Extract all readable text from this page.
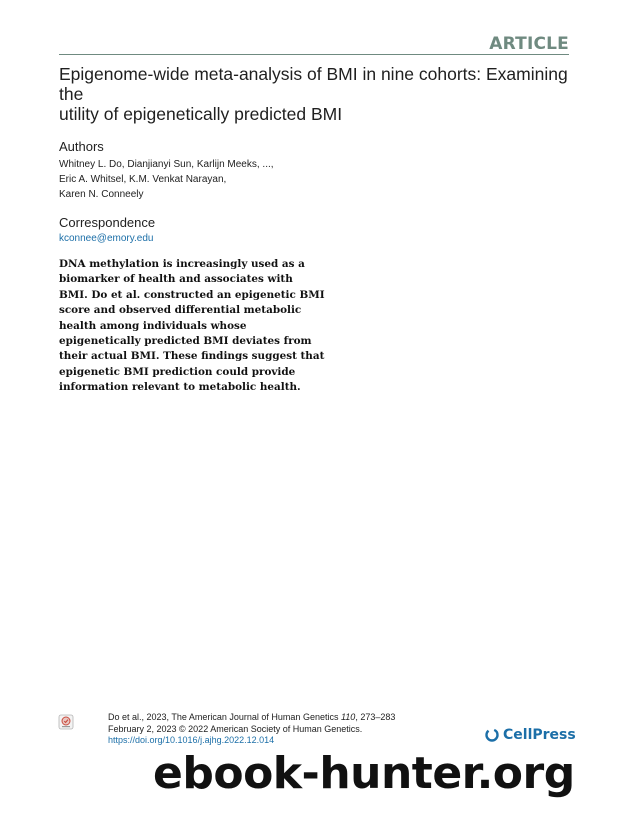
ARTICLE
Epigenome-wide meta-analysis of BMI in nine cohorts: Examining the
utility of epigenetically predicted BMI
Authors
Whitney L. Do, Dianjianyi Sun, Karlijn Meeks, ...,
Eric A. Whitsel, K.M. Venkat Narayan,
Karen N. Conneely
Correspondence
kconnee@emory.edu
DNA methylation is increasingly used as a
biomarker of health and associates with
BMI. Do et al. constructed an epigenetic BMI
score and observed differential metabolic
health among individuals whose
epigenetically predicted BMI deviates from
their actual BMI. These findings suggest that
epigenetic BMI prediction could provide
information relevant to metabolic health.
Do et al., 2023, The American Journal of Human Genetics 110, 273–283
February 2, 2023 © 2022 American Society of Human Genetics.
https://doi.org/10.1016/j.ajhg.2022.12.014	CellPress
ebook-hunter.org
